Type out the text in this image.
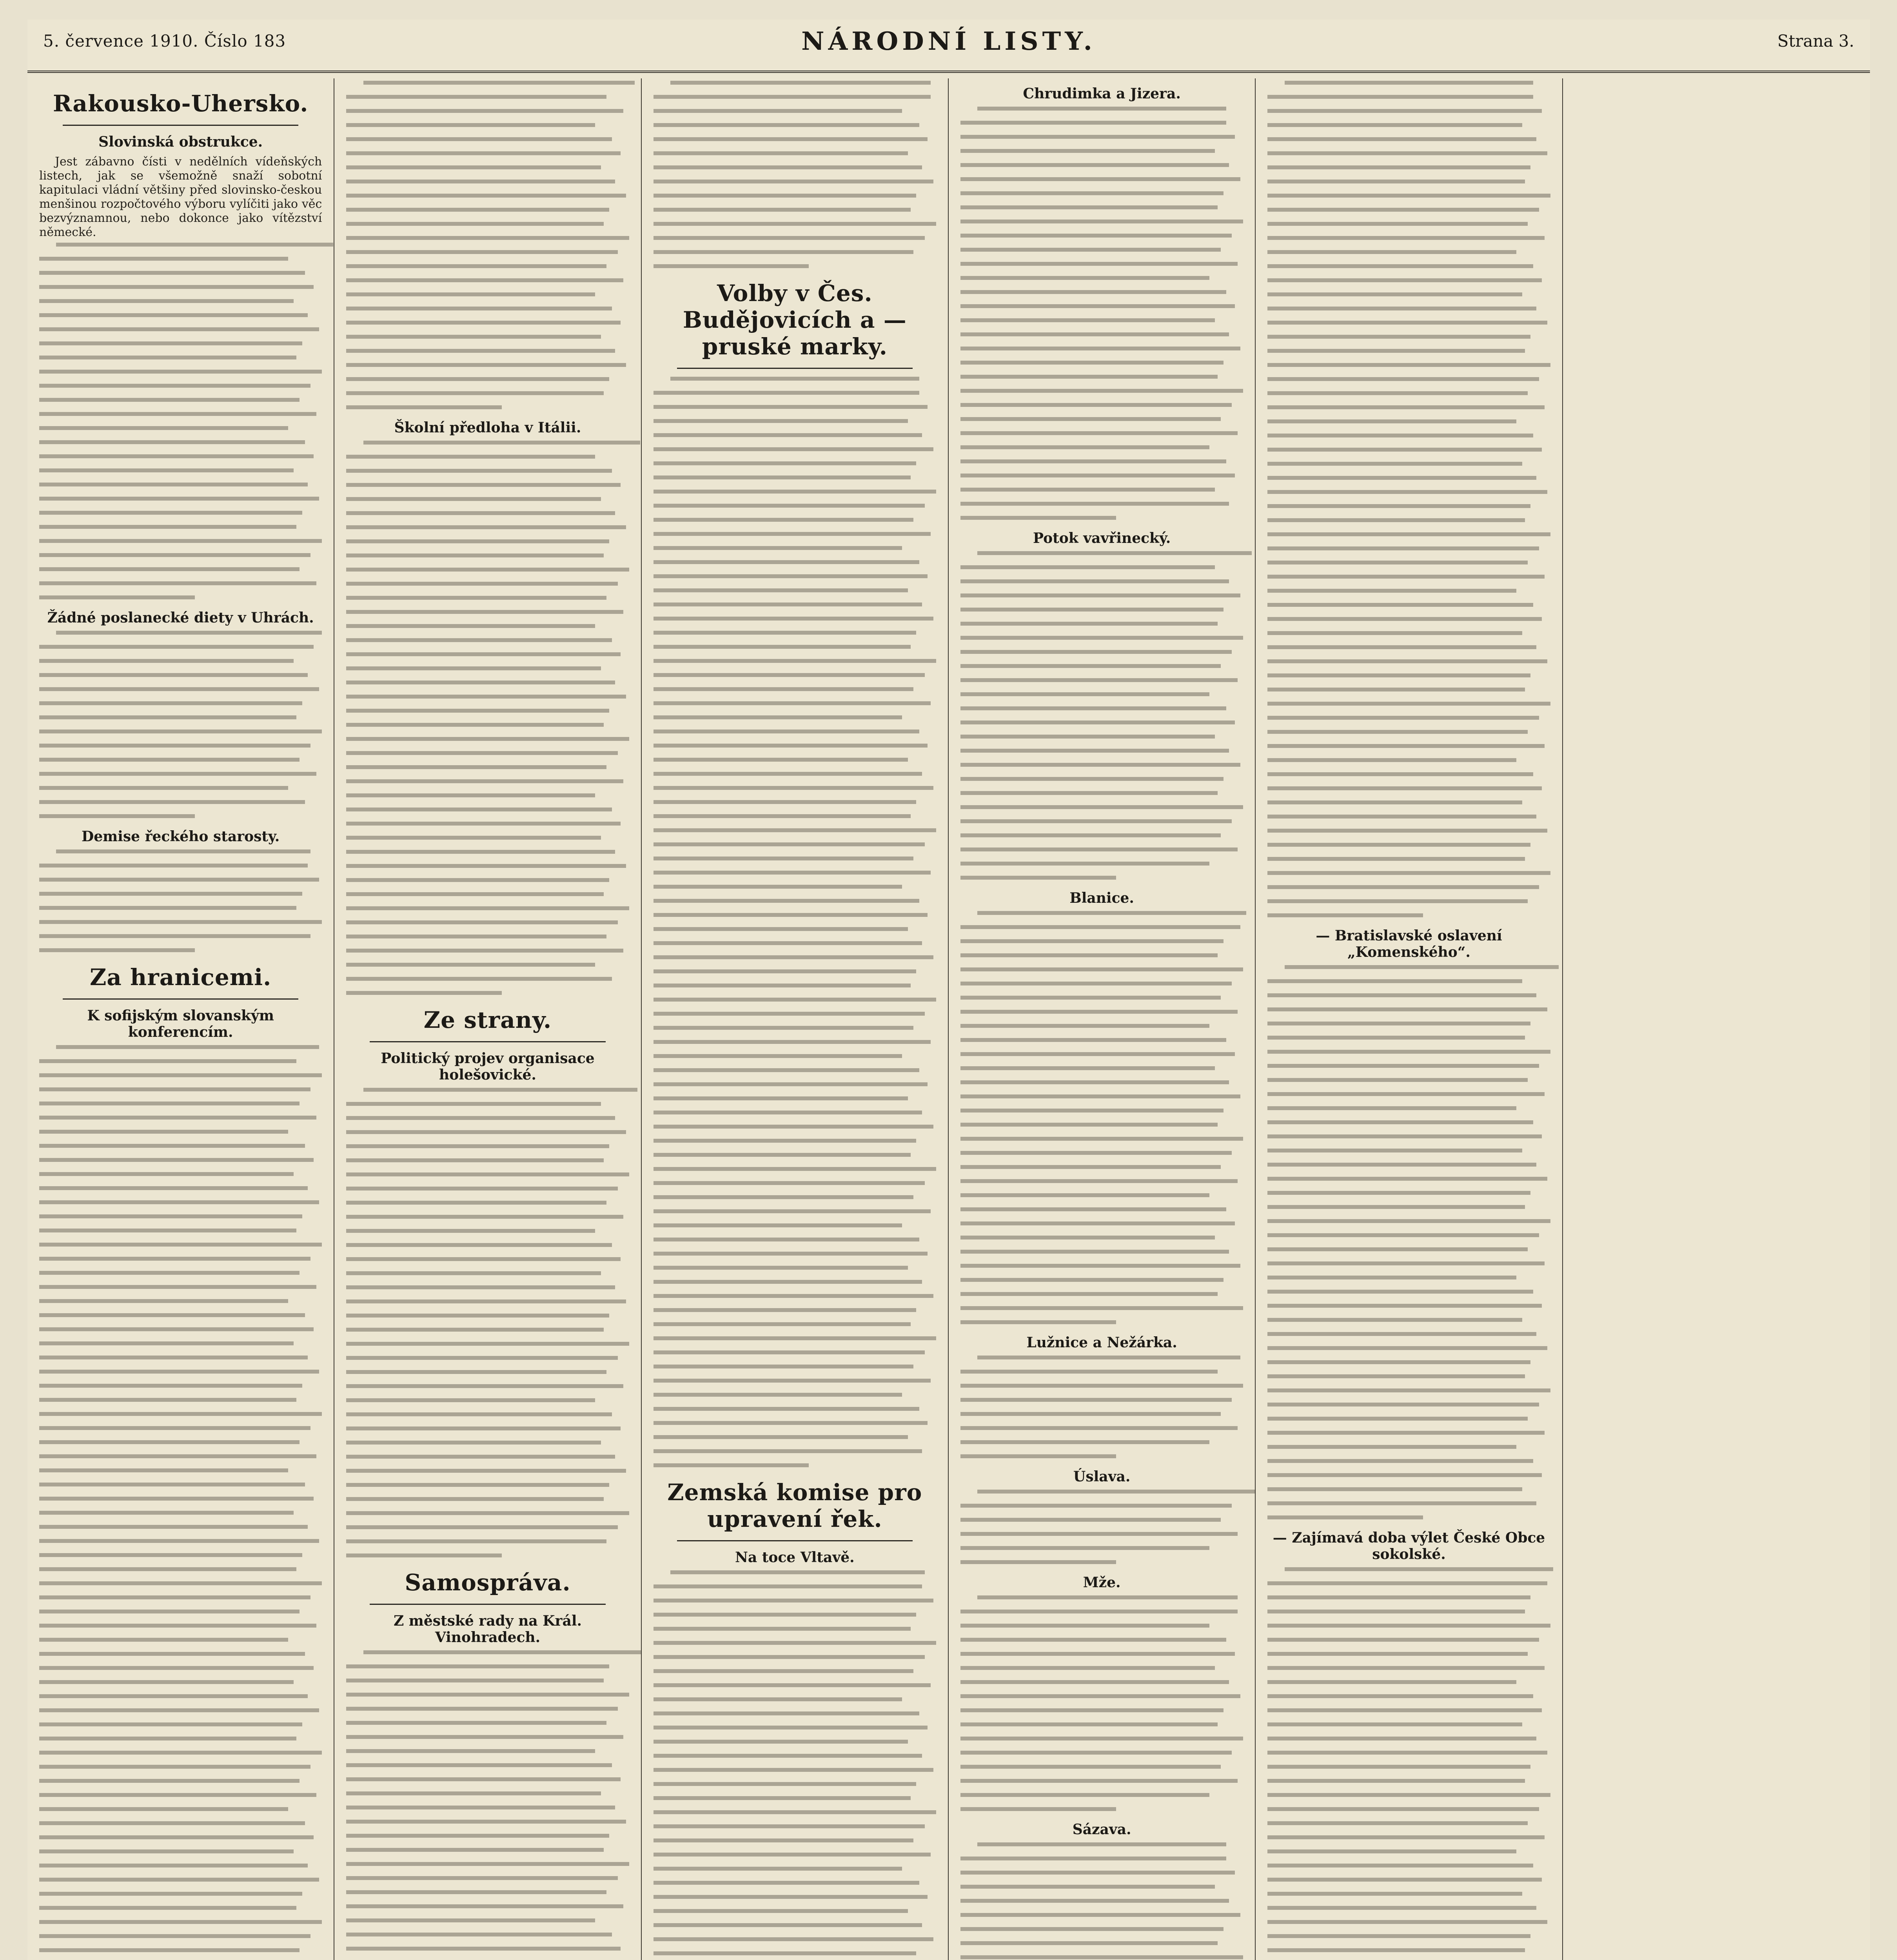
5. července 1910. Číslo 183	NÁRODNÍ LISTY.	Strana 3.
Rakousko-Uhersko.
Slovinská obstrukce.

Jest zábavno čísti v nedělních vídeňských listech, jak se všemožně snaží sobotní kapitulaci vládní většiny před slovinsko-českou menšinou rozpočtového výboru vylíčiti jako věc bezvýznamnou, nebo dokonce jako vítězství německé.

Žádné poslanecké diety v Uhrách.
Demise řeckého starosty.
Za hranicemi.
K sofijským slovanským konferencím.
Školní předloha v Itálii.
Ze strany.
Politický projev organisace holešovické.
Samospráva.
Z městské rady na Král. Vinohradech.
Volby v Čes. Budějovicích a — pruské marky.
Zemská komise pro upravení řek.
Na toce Vltavě.
Chrudimka a Jizera.
Potok vavřinecký.
Blanice.
Lužnice a Nežárka.
Úslava.
Mže.
Sázava.
— Bratislavské oslavení „Komenského“.
— Zajímavá doba výlet České Obce sokolské.
